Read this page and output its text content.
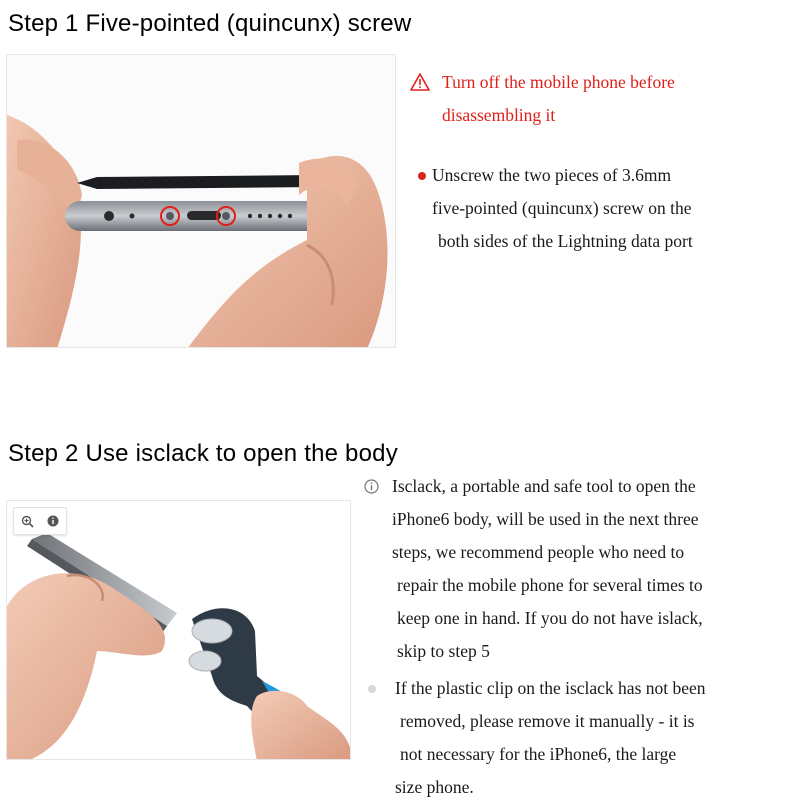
Step 1 Five-pointed (quincunx) screw
Turn off the mobile phone before
disassembling it
Unscrew the two pieces of 3.6mm
five-pointed (quincunx) screw on the
both sides of the Lightning data port
Step 2 Use isclack to open the body
Isclack, a portable and safe tool to open the
iPhone6 body, will be used in the next three
steps, we recommend people who need to
repair the mobile phone for several times to
keep one in hand. If you do not have islack,
skip to step 5
If the plastic clip on the isclack has not been
removed, please remove it manually - it is
not necessary for the iPhone6, the large
size phone.
